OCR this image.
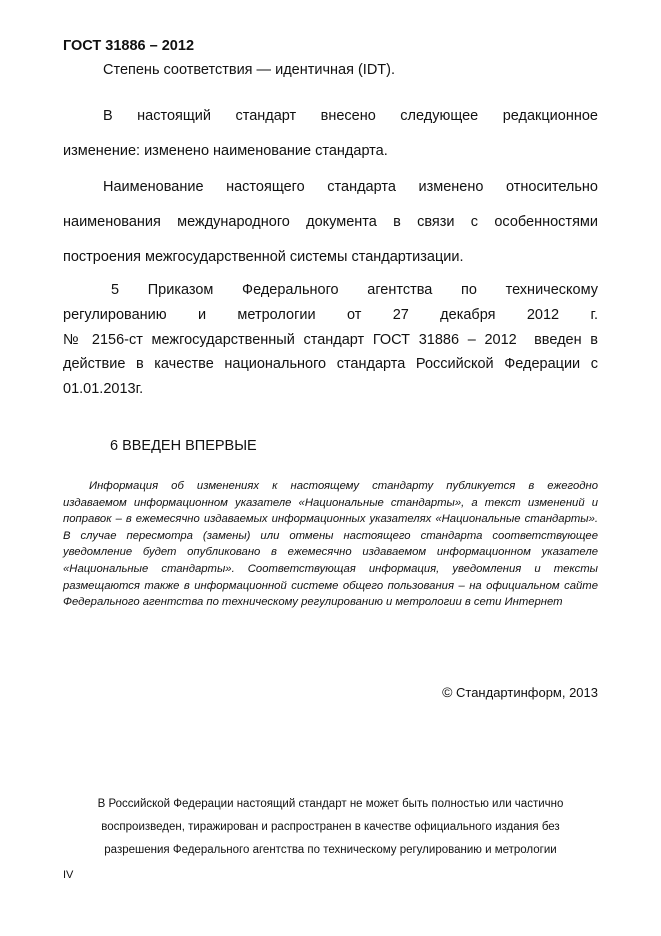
ГОСТ 31886 – 2012

Степень соответствия — идентичная (IDT).

В настоящий стандарт внесено следующее редакционное
изменение: изменено наименование стандарта.
Наименование настоящего стандарта изменено относительно
наименования международного документа в связи с особенностями
построения межгосударственной системы стандартизации.
5 Приказом Федерального агентства по техническому
регулированию и метрологии от 27 декабря 2012 г.
№ 2156-ст межгосударственный стандарт ГОСТ 31886 – 2012  введен в
действие в качестве национального стандарта Российской Федерации с
01.01.2013г.
6 ВВЕДЕН ВПЕРВЫЕ

Информация об изменениях к настоящему стандарту публикуется в ежегодно
издаваемом информационном указателе «Национальные стандарты», а текст изменений и поправок – в ежемесячно издаваемых информационных указателях «Национальные стандарты». В случае пересмотра (замены) или отмены настоящего стандарта соответствующее уведомление будет опубликовано в ежемесячно издаваемом информационном указателе «Национальные стандарты». Соответствующая информация, уведомления и тексты размещаются также в информационной системе общего пользования – на официальном сайте Федерального агентства по техническому регулированию и метрологии в сети Интернет

© Стандартинформ, 2013

В Российской Федерации настоящий стандарт не может быть полностью или частично
воспроизведен, тиражирован и распространен в качестве официального издания без
разрешения Федерального агентства по техническому регулированию и метрологии

IV
